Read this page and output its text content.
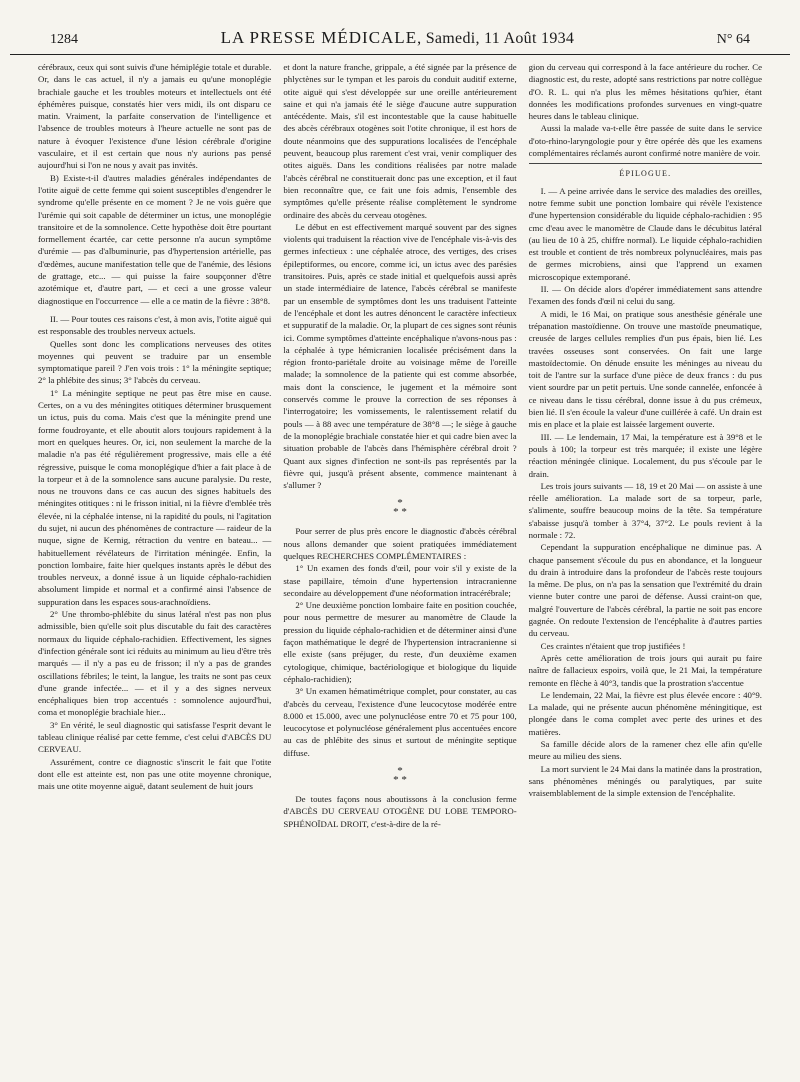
1284	LA PRESSE MÉDICALE, Samedi, 11 Août 1934	N° 64

cérébraux, ceux qui sont suivis d'une hémiplégie totale et durable. Or, dans le cas actuel, il n'y a jamais eu qu'une monoplégie brachiale gauche et les troubles moteurs et intellectuels ont été éphémères puisque, constatés hier vers midi, ils ont disparu ce matin. Vraiment, la parfaite conservation de l'intelligence et l'absence de troubles moteurs à l'heure actuelle ne sont pas de nature à évoquer l'existence d'une lésion cérébrale d'origine vasculaire, et il est certain que nous n'y aurions pas pensé aujourd'hui si l'on ne nous y avait pas invités.

B) Existe-t-il d'autres maladies générales indépendantes de l'otite aiguë de cette femme qui soient susceptibles d'engendrer le syndrome qu'elle présente en ce moment ? Je ne vois guère que l'urémie qui soit capable de déterminer un ictus, une monoplégie transitoire et de la somnolence. Cette hypothèse doit être pourtant formellement écartée, car cette personne n'a aucun symptôme d'urémie — pas d'albuminurie, pas d'hypertension artérielle, pas d'œdèmes, aucune manifestation telle que de l'anémie, des lésions de grattage, etc... — qui puisse la faire soupçonner d'être azotémique et, d'autre part, — et ceci a une grosse valeur diagnostique en l'occurrence — elle a ce matin de la fièvre : 38°8.

II. — Pour toutes ces raisons c'est, à mon avis, l'otite aiguë qui est responsable des troubles nerveux actuels.

Quelles sont donc les complications nerveuses des otites moyennes qui peuvent se traduire par un ensemble symptomatique pareil ? J'en vois trois : 1° la méningite septique; 2° la phlébite des sinus; 3° l'abcès du cerveau.

1° La méningite septique ne peut pas être mise en cause. Certes, on a vu des méningites otitiques déterminer brusquement un ictus, puis du coma. Mais c'est que la méningite prend une forme foudroyante, et elle aboutit alors toujours rapidement à la mort en quelques heures. Or, ici, non seulement la marche de la maladie n'a pas été régulièrement progressive, mais elle a été régressive, puisque le coma monoplégique d'hier a fait place à de la torpeur et à de la somnolence sans aucune paralysie. Du reste, nous ne trouvons dans ce cas aucun des signes habituels des méningites otitiques : ni le frisson initial, ni la fièvre d'emblée très élevée, ni la céphalée intense, ni la rapidité du pouls, ni l'agitation du sujet, ni aucun des phénomènes de contracture — raideur de la nuque, signe de Kernig, rétraction du ventre en bateau... — habituellement révélateurs de l'irritation méningée. Enfin, la ponction lombaire, faite hier quelques instants après le début des troubles nerveux, a donné issue à un liquide céphalo-rachidien absolument limpide et normal et a confirmé ainsi l'absence de suppuration dans les espaces sous-arachnoïdiens.

2° Une thrombo-phlébite du sinus latéral n'est pas non plus admissible, bien qu'elle soit plus discutable du fait des caractères normaux du liquide céphalo-rachidien. Effectivement, les signes d'infection générale sont ici réduits au minimum au lieu d'être très marqués — il n'y a pas eu de frisson; il n'y a pas de grandes oscillations fébriles; le teint, la langue, les traits ne sont pas ceux d'une grande infectée... — et il y a des signes nerveux encéphaliques bien trop accentués : somnolence aujourd'hui, coma et monoplégie brachiale hier...

3° En vérité, le seul diagnostic qui satisfasse l'esprit devant le tableau clinique réalisé par cette femme, c'est celui d'ABCÈS DU CERVEAU.

Assurément, contre ce diagnostic s'inscrit le fait que l'otite dont elle est atteinte est, non pas une otite moyenne chronique, mais une otite moyenne aiguë, datant seulement de huit jours

et dont la nature franche, grippale, a été signée par la présence de phlyctènes sur le tympan et les parois du conduit auditif externe, otite aiguë qui s'est développée sur une oreille antérieurement saine et qui n'a jamais été le siège d'aucune autre suppuration antécédente. Mais, s'il est incontestable que la cause habituelle des abcès cérébraux otogènes soit l'otite chronique, il est hors de doute néanmoins que des suppurations localisées de l'encéphale peuvent, beaucoup plus rarement c'est vrai, venir compliquer des otites aiguës. Dans les conditions réalisées par notre malade l'abcès cérébral ne constituerait donc pas une exception, et il faut bien reconnaître que, ce fait une fois admis, l'ensemble des symptômes qu'elle présente réalise complètement le syndrome ordinaire des abcès du cerveau otogènes.

Le début en est effectivement marqué souvent par des signes violents qui traduisent la réaction vive de l'encéphale vis-à-vis des germes infectieux : une céphalée atroce, des vertiges, des crises épileptiformes, ou encore, comme ici, un ictus avec des parésies transitoires. Puis, après ce stade initial et quelquefois aussi après un stade intermédiaire de latence, l'abcès cérébral se manifeste par un ensemble de symptômes dont les uns traduisent l'atteinte de l'encéphale et dont les autres dénoncent le caractère infectieux et suppuratif de la maladie. Or, la plupart de ces signes sont réunis ici. Comme symptômes d'atteinte encéphalique n'avons-nous pas : la céphalée à type hémicranien localisée précisément dans la région fronto-pariétale droite au voisinage même de l'oreille malade; la somnolence de la patiente qui est comme absorbée, mais dont la conscience, le jugement et la mémoire sont conservés comme le prouve la correction de ses réponses à l'interrogatoire; les vomissements, le ralentissement relatif du pouls — à 88 avec une température de 38°8 —; le siège à gauche de la monoplégie brachiale constatée hier et qui cadre bien avec la situation probable de l'abcès dans l'hémisphère cérébral droit ? Quant aux signes d'infection ne sont-ils pas représentés par la fièvre qui, jusqu'à présent absente, commence maintenant à s'allumer ?

*
* *

Pour serrer de plus près encore le diagnostic d'abcès cérébral nous allons demander que soient pratiquées immédiatement quelques RECHERCHES COMPLÉMENTAIRES :

1° Un examen des fonds d'œil, pour voir s'il y existe de la stase papillaire, témoin d'une hypertension intracranienne secondaire au développement d'une néoformation intracérébrale;

2° Une deuxième ponction lombaire faite en position couchée, pour nous permettre de mesurer au manomètre de Claude la pression du liquide céphalo-rachidien et de déterminer ainsi d'une façon mathématique le degré de l'hypertension intracranienne si elle existe (sans préjuger, du reste, d'un deuxième examen cytologique, chimique, bactériologique et biologique du liquide céphalo-rachidien);

3° Un examen hématimétrique complet, pour constater, au cas d'abcès du cerveau, l'existence d'une leucocytose modérée entre 8.000 et 15.000, avec une polynucléose entre 70 et 75 pour 100, leucocytose et polynucléose généralement plus accentuées encore au cas de phlébite des sinus et surtout de méningite septique diffuse.

*
* *

De toutes façons nous aboutissons à la conclusion ferme d'ABCÈS DU CERVEAU OTOGÈNE DU LOBE TEMPORO-SPHÉNOÏDAL DROIT, c'est-à-dire de la ré-

gion du cerveau qui correspond à la face antérieure du rocher. Ce diagnostic est, du reste, adopté sans restrictions par notre collègue d'O. R. L. qui n'a plus les mêmes hésitations qu'hier, étant données les modifications profondes survenues en vingt-quatre heures dans le tableau clinique.

Aussi la malade va-t-elle être passée de suite dans le service d'oto-rhino-laryngologie pour y être opérée dès que les examens complémentaires réclamés auront confirmé notre manière de voir.

ÉPILOGUE.

I. — A peine arrivée dans le service des maladies des oreilles, notre femme subit une ponction lombaire qui révèle l'existence d'une hypertension considérable du liquide céphalo-rachidien : 95 cmc d'eau avec le manomètre de Claude dans le décubitus latéral (au lieu de 10 à 25, chiffre normal). Le liquide céphalo-rachidien est trouble et contient de très nombreux polynucléaires, mais pas de germes microbiens, ainsi que l'apprend un examen microscopique extemporané.

II. — On décide alors d'opérer immédiatement sans attendre l'examen des fonds d'œil ni celui du sang.

A midi, le 16 Mai, on pratique sous anesthésie générale une trépanation mastoïdienne. On trouve une mastoïde pneumatique, creusée de larges cellules remplies d'un pus épais, bien lié. Les travées osseuses sont conservées. On fait une large mastoïdectomie. On dénude ensuite les méninges au niveau du toit de l'antre sur la surface d'une pièce de deux francs : du pus vient sourdre par un petit pertuis. Une sonde cannelée, enfoncée à ce niveau dans le tissu cérébral, donne issue à du pus crémeux, bien lié. Il s'en écoule la valeur d'une cuillérée à café. Un drain est mis en place et la plaie est laissée largement ouverte.

III. — Le lendemain, 17 Mai, la température est à 39°8 et le pouls à 100; la torpeur est très marquée; il existe une légère réaction méningée clinique. Localement, du pus s'écoule par le drain.

Les trois jours suivants — 18, 19 et 20 Mai — on assiste à une réelle amélioration. La malade sort de sa torpeur, parle, s'alimente, souffre beaucoup moins de la tête. Sa température s'abaisse jusqu'à tomber à 37°4, 37°2. Le pouls revient à la normale : 72.

Cependant la suppuration encéphalique ne diminue pas. A chaque pansement s'écoule du pus en abondance, et la longueur du drain à introduire dans la profondeur de l'abcès reste toujours la même. De plus, on n'a pas la sensation que l'extrémité du drain vienne buter contre une paroi de défense. Aussi craint-on que, malgré l'ouverture de l'abcès cérébral, la partie ne soit pas encore gagnée. On redoute l'extension de l'encéphalite à d'autres parties du cerveau.

Ces craintes n'étaient que trop justifiées !

Après cette amélioration de trois jours qui aurait pu faire naître de fallacieux espoirs, voilà que, le 21 Mai, la température remonte en flèche à 40°3, tandis que la prostration s'accentue

Le lendemain, 22 Mai, la fièvre est plus élevée encore : 40°9. La malade, qui ne présente aucun phénomène méningitique, est plongée dans le coma complet avec perte des urines et des matières.

Sa famille décide alors de la ramener chez elle afin qu'elle meure au milieu des siens.

La mort survient le 24 Mai dans la matinée dans la prostration, sans phénomènes méningés ou paralytiques, par suite vraisemblablement de la simple extension de l'encéphalite.
